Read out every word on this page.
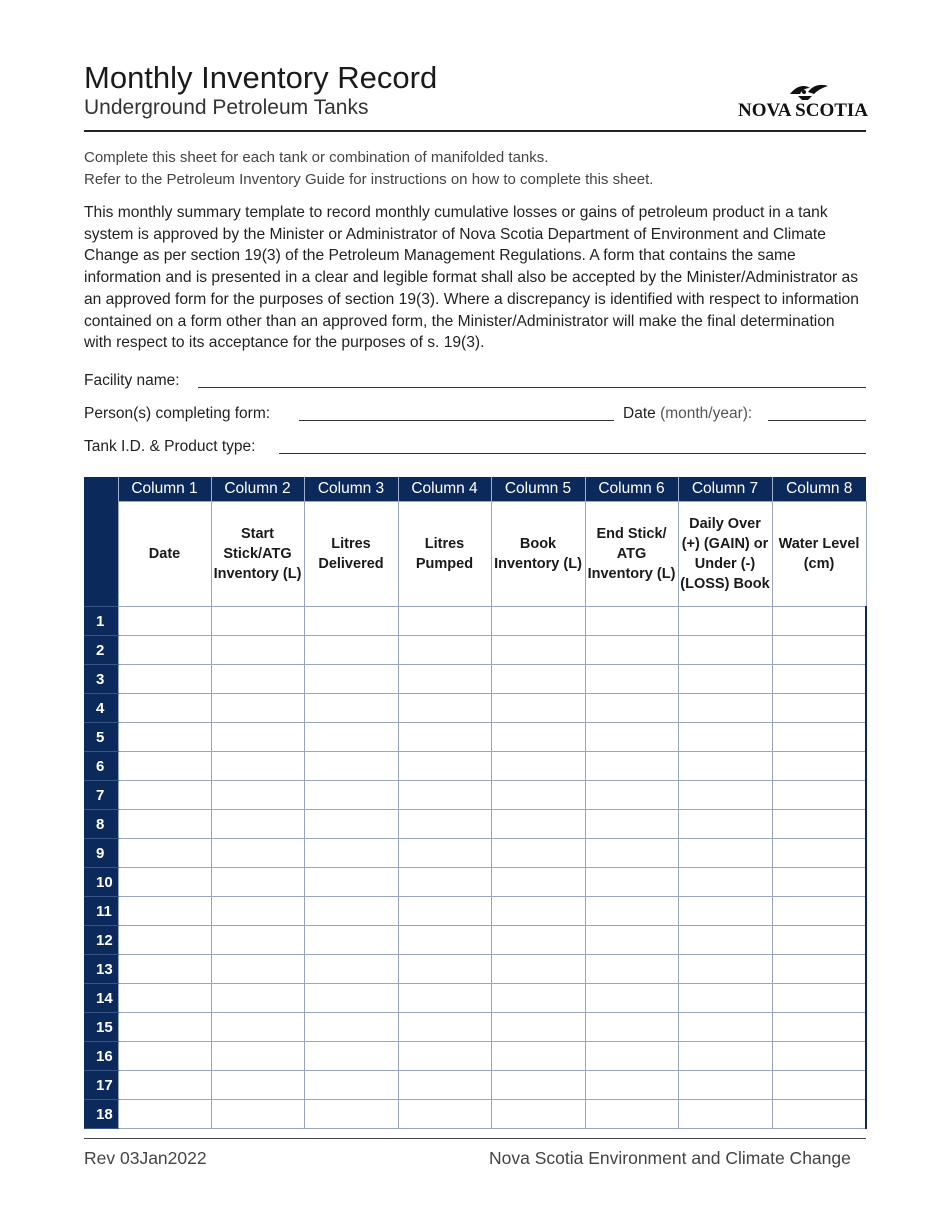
Monthly Inventory Record
Underground Petroleum Tanks	NOVA SCOTIA
Complete this sheet for each tank or combination of manifolded tanks.
Refer to the Petroleum Inventory Guide for instructions on how to complete this sheet.
This monthly summary template to record monthly cumulative losses or gains of petroleum product in a tank system is approved by the Minister or Administrator of Nova Scotia Department of Environment and Climate Change as per section 19(3) of the Petroleum Management Regulations. A form that contains the same information and is presented in a clear and legible format shall also be accepted by the Minister/Administrator as an approved form for the purposes of section 19(3). Where a discrepancy is identified with respect to information contained on a form other than an approved form, the Minister/Administrator will make the final determination with respect to its acceptance for the purposes of s. 19(3).
Facility name:
Person(s) completing form:	Date (month/year):
Tank I.D. & Product type:
	Column 1	Column 2	Column 3	Column 4	Column 5	Column 6	Column 7	Column 8
	Date	Start Stick/ATG Inventory (L)	Litres Delivered	Litres Pumped	Book Inventory (L)	End Stick/ ATG Inventory (L)	Daily Over (+) (GAIN) or Under (-) (LOSS) Book	Water Level (cm)
1								
2								
3								
4								
5								
6								
7								
8								
9								
10								
11								
12								
13								
14								
15								
16								
17								
18								
Rev 03Jan2022	Nova Scotia Environment and Climate Change
